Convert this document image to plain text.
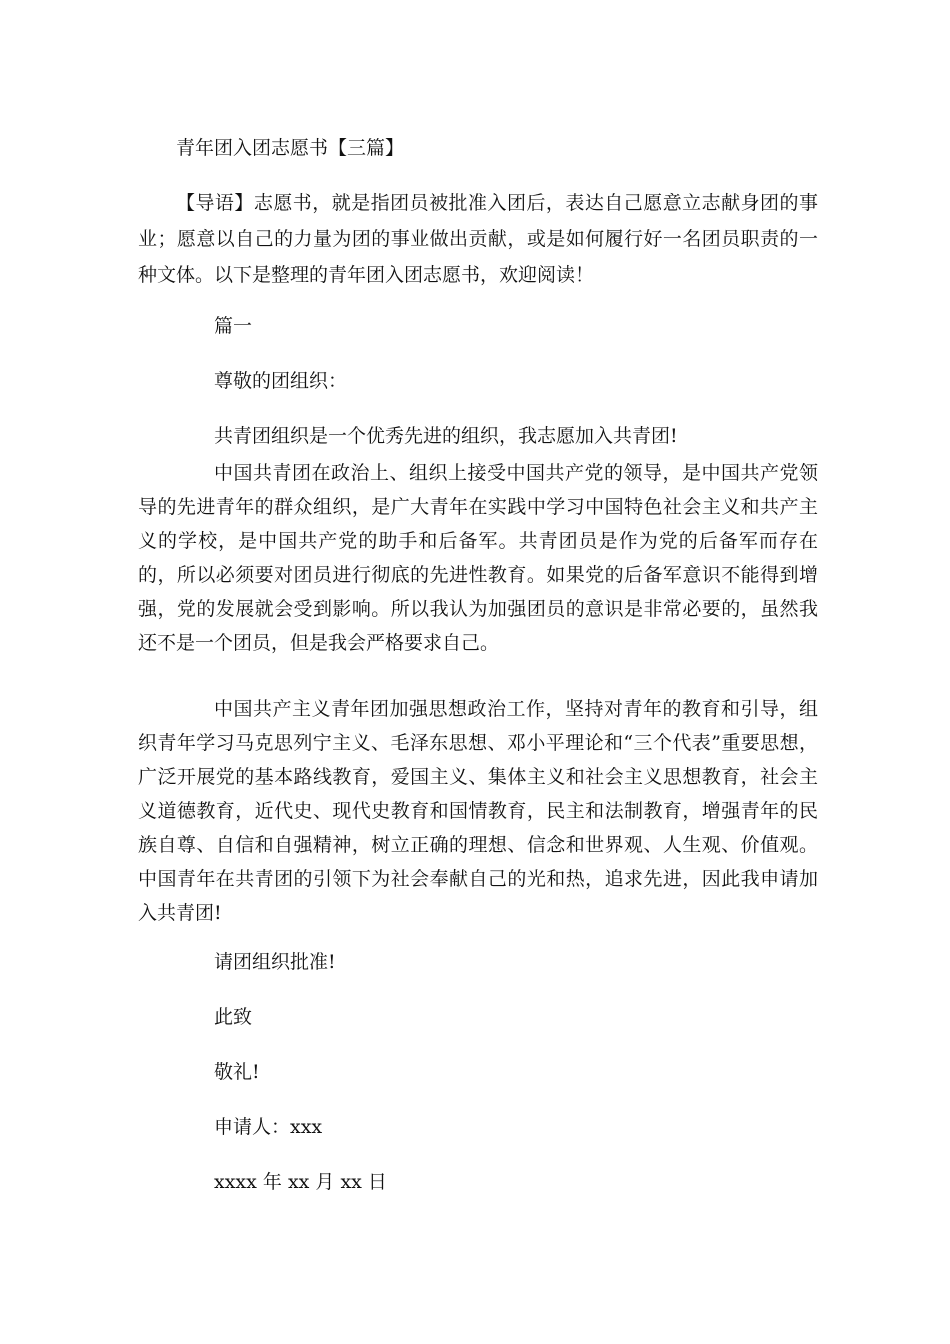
青年团入团志愿书【三篇】
【导语】志愿书，就是指团员被批准入团后，表达自己愿意立志献身团的事业；愿意以自己的力量为团的事业做出贡献，或是如何履行好一名团员职责的一种文体。以下是整理的青年团入团志愿书，欢迎阅读！
篇一
尊敬的团组织：
共青团组织是一个优秀先进的组织，我志愿加入共青团!

中国共青团在政治上、组织上接受中国共产党的领导，是中国共产党领导的先进青年的群众组织，是广大青年在实践中学习中国特色社会主义和共产主义的学校，是中国共产党的助手和后备军。共青团员是作为党的后备军而存在的，所以必须要对团员进行彻底的先进性教育。如果党的后备军意识不能得到增强，党的发展就会受到影响。所以我认为加强团员的意识是非常必要的，虽然我还不是一个团员，但是我会严格要求自己。

中国共产主义青年团加强思想政治工作，坚持对青年的教育和引导，组织青年学习马克思列宁主义、毛泽东思想、邓小平理论和“三个代表”重要思想，广泛开展党的基本路线教育，爱国主义、集体主义和社会主义思想教育，社会主义道德教育，近代史、现代史教育和国情教育，民主和法制教育，增强青年的民族自尊、自信和自强精神，树立正确的理想、信念和世界观、人生观、价值观。中国青年在共青团的引领下为社会奉献自己的光和热，追求先进，因此我申请加入共青团!

请团组织批准!
此致
敬礼!
申请人：xxx
xxxx 年 xx 月 xx 日
